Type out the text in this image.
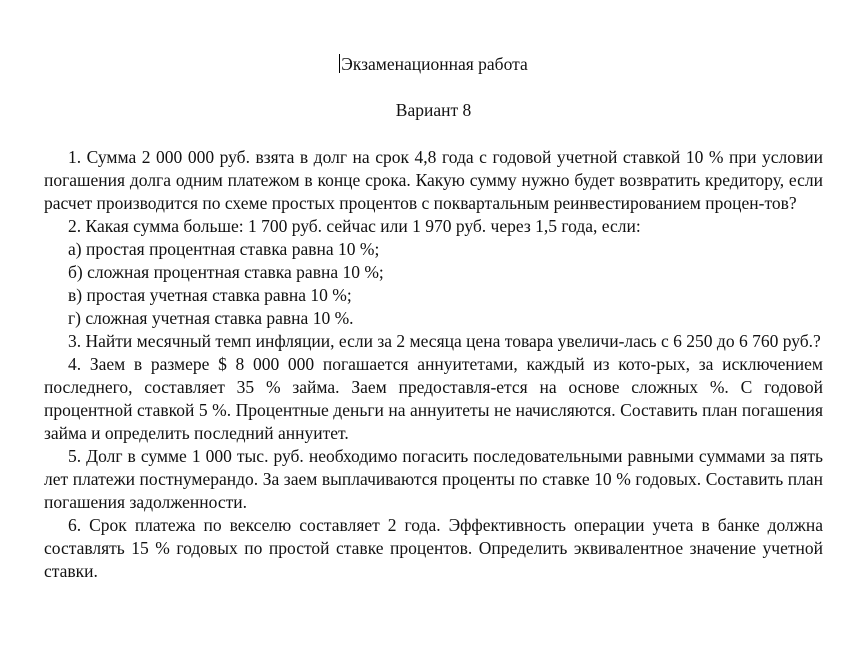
Экзаменационная работа
Вариант 8

1. Сумма 2 000 000 руб. взята в долг на срок 4,8 года с годовой учетной ставкой 10 % при условии погашения долга одним платежом в конце срока. Какую сумму нужно будет возвратить кредитору, если расчет производится по схеме простых процентов с поквартальным реинвестированием процен-тов?

2. Какая сумма больше: 1 700 руб. сейчас или 1 970 руб. через 1,5 года, если:

а) простая процентная ставка равна 10 %;

б) сложная процентная ставка равна 10 %;

в) простая учетная ставка равна 10 %;

г) сложная учетная ставка равна 10 %.

3. Найти месячный темп инфляции, если за 2 месяца цена товара увеличи-лась с 6 250 до 6 760 руб.?

4. Заем в размере $ 8 000 000 погашается аннуитетами, каждый из кото-рых, за исключением последнего, составляет 35 % займа. Заем предоставля-ется на основе сложных %. С годовой процентной ставкой 5 %. Процентные деньги на аннуитеты не начисляются. Составить план погашения займа и определить последний аннуитет.

5. Долг в сумме 1 000 тыс. руб. необходимо погасить последовательными равными суммами за пять лет платежи постнумерандо. За заем выплачиваются проценты по ставке 10 % годовых. Составить план погашения задолженности.

6. Срок платежа по векселю составляет 2 года. Эффективность операции учета в банке должна составлять 15 % годовых по простой ставке процентов. Определить эквивалентное значение учетной ставки.
